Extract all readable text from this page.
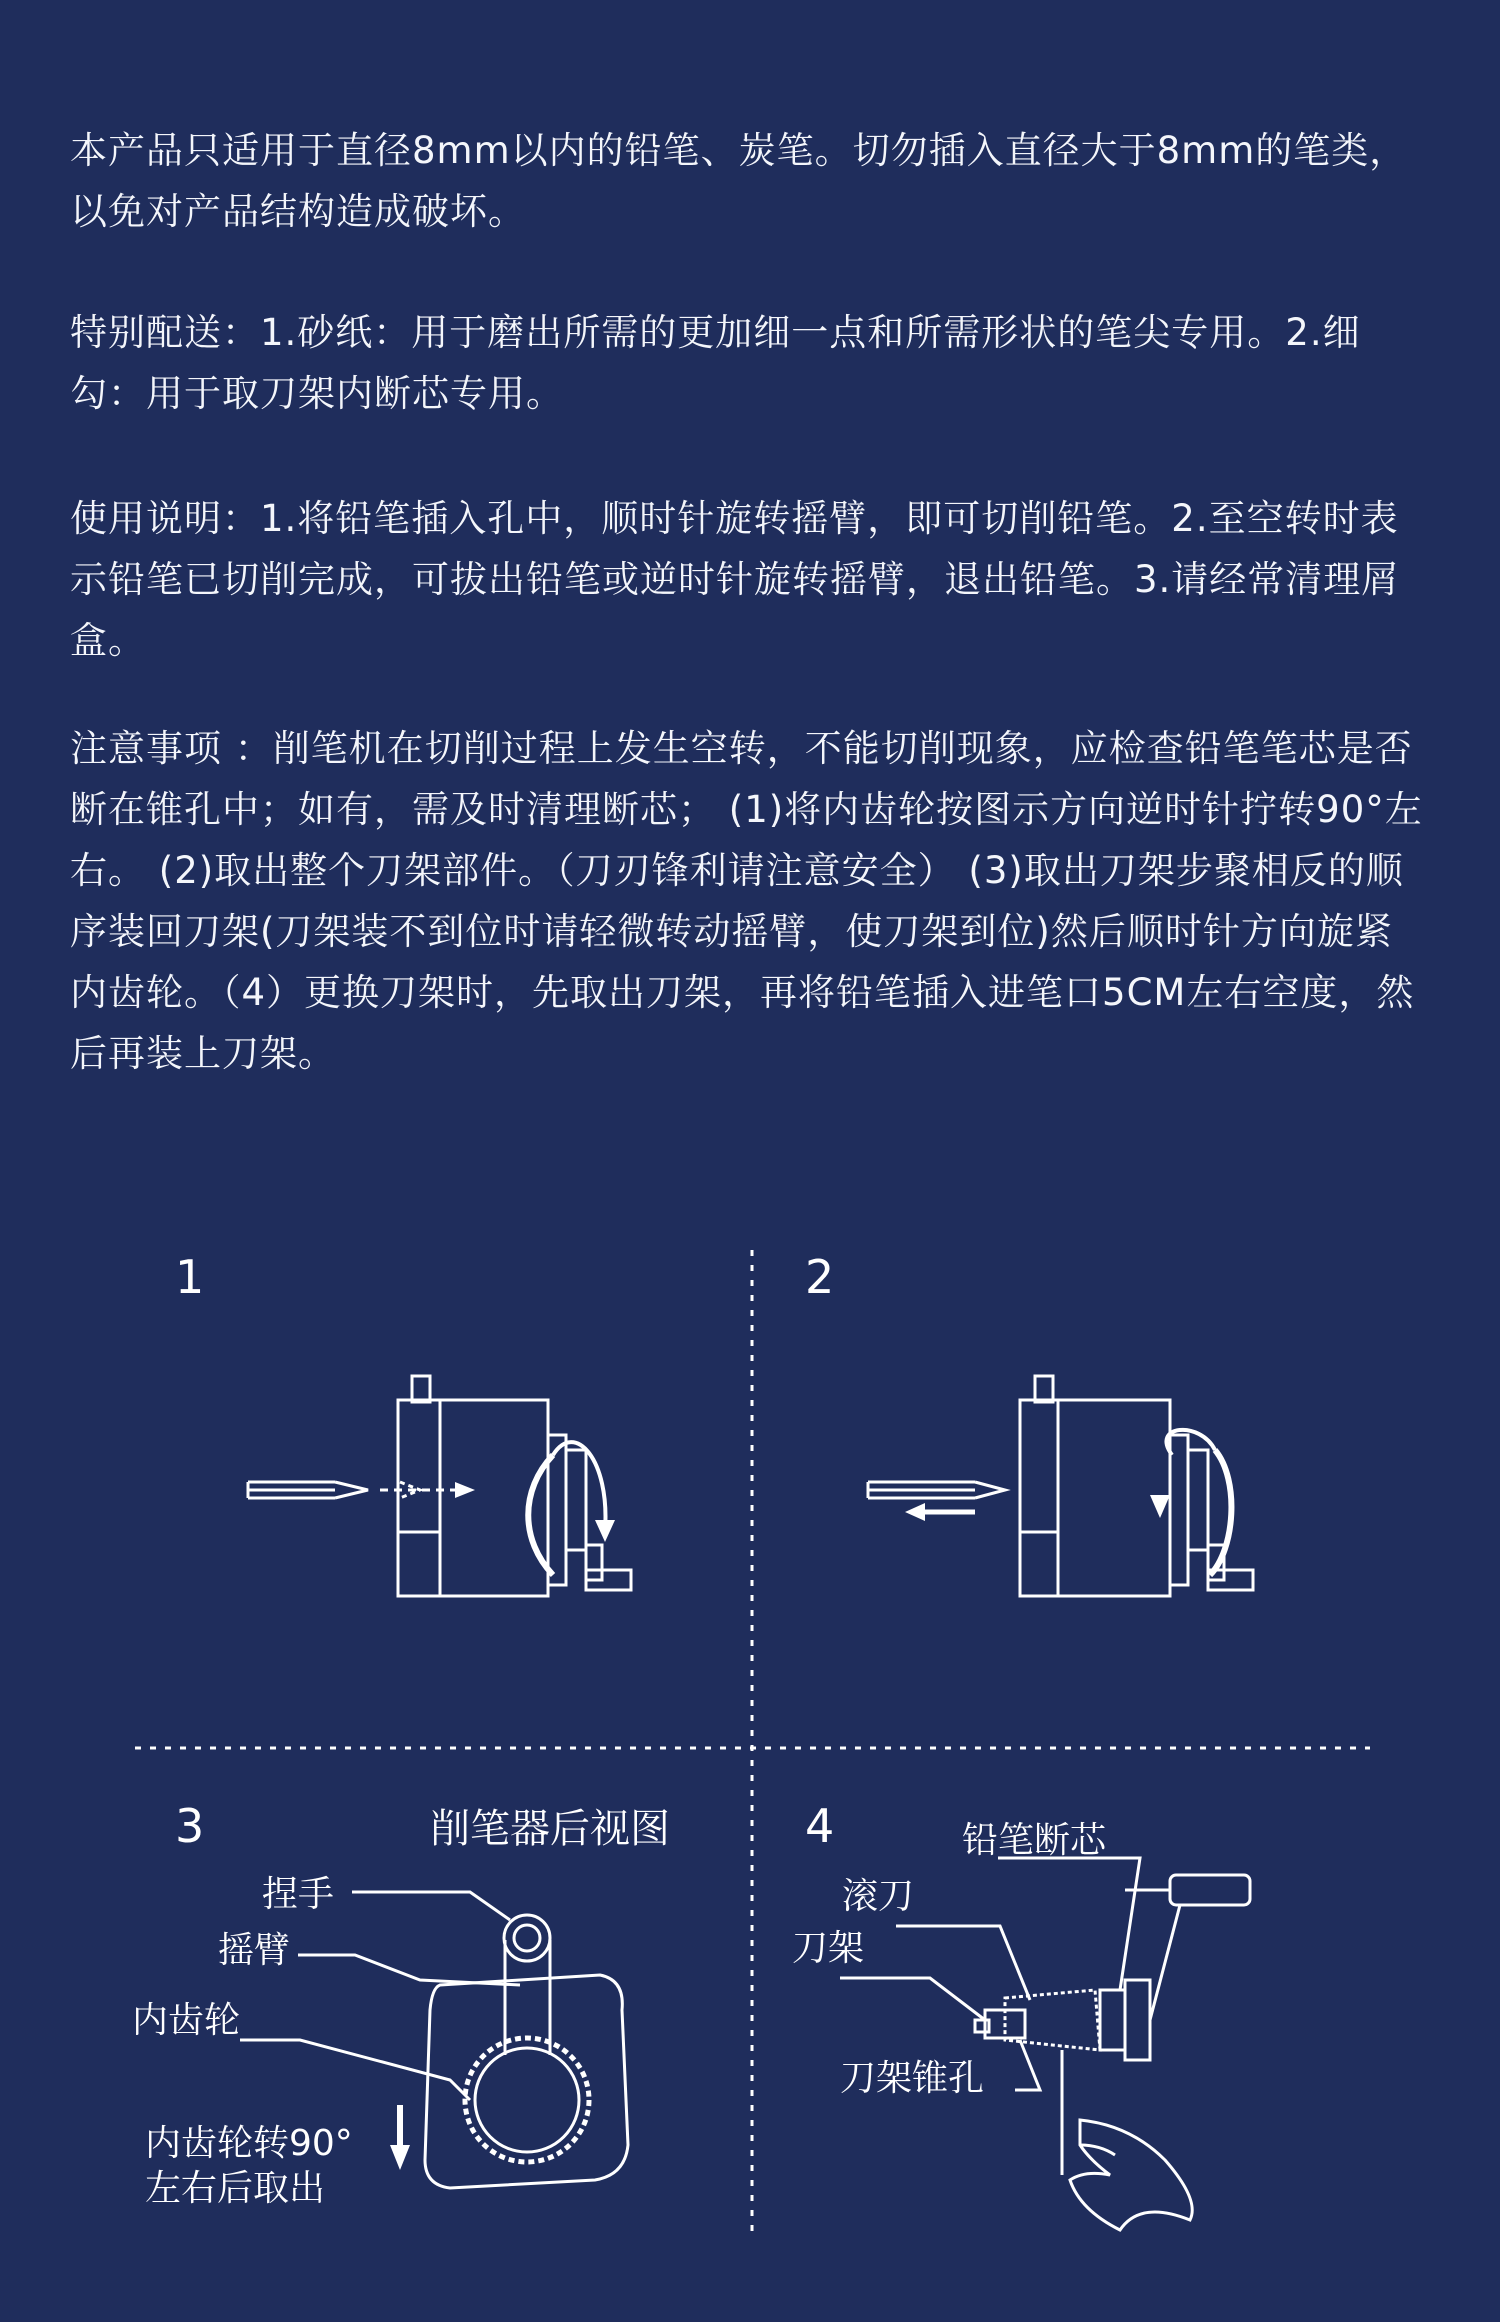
本产品只适用于直径8mm以内的铅笔、炭笔。切勿插入直径大于8mm的笔类，以免对产品结构造成破坏。

特别配送：1.砂纸：用于磨出所需的更加细一点和所需形状的笔尖专用。2.细勾：用于取刀架内断芯专用。

使用说明：1.将铅笔插入孔中，顺时针旋转摇臂，即可切削铅笔。2.至空转时表示铅笔已切削完成，可拔出铅笔或逆时针旋转摇臂，退出铅笔。3.请经常清理屑盒。

注意事项 ：削笔机在切削过程上发生空转，不能切削现象，应检查铅笔笔芯是否断在锥孔中；如有，需及时清理断芯； (1)将内齿轮按图示方向逆时针拧转90°左右。 (2)取出整个刀架部件。（刀刃锋利请注意安全） (3)取出刀架步聚相反的顺序装回刀架(刀架装不到位时请轻微转动摇臂，使刀架到位)然后顺时针方向旋紧内齿轮。（4）更换刀架时，先取出刀架，再将铅笔插入进笔口5CM左右空度，然后再装上刀架。

1	2
3	削笔器后视图
捏手
摇臂
内齿轮
内齿轮转90°
左右后取出
4	铅笔断芯
滚刀
刀架
刀架锥孔
